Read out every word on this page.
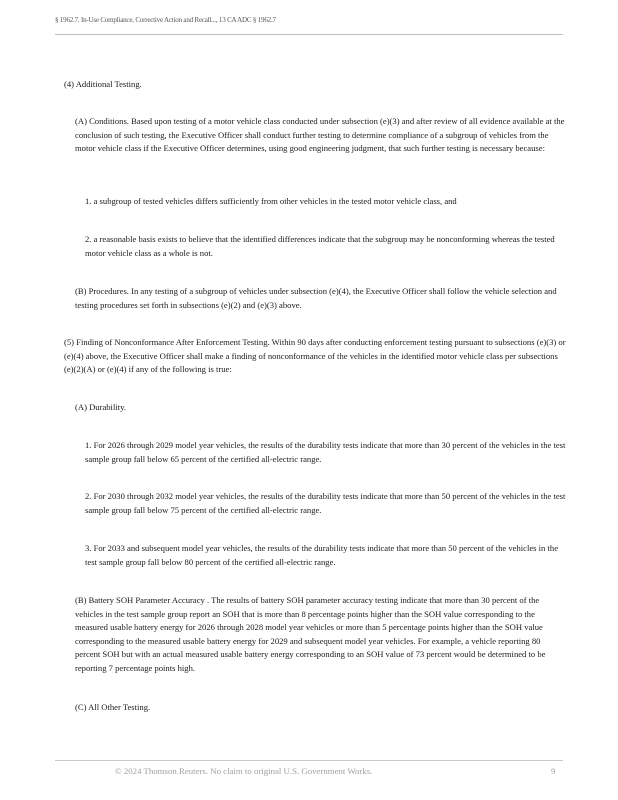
§ 1962.7. In-Use Compliance, Corrective Action and Recall..., 13 CA ADC § 1962.7

(4) Additional Testing.

(A) Conditions. Based upon testing of a motor vehicle class conducted under subsection (e)(3) and after review of all evidence available at the conclusion of such testing, the Executive Officer shall conduct further testing to determine compliance of a subgroup of vehicles from the motor vehicle class if the Executive Officer determines, using good engineering judgment, that such further testing is necessary because:

1. a subgroup of tested vehicles differs sufficiently from other vehicles in the tested motor vehicle class, and

2. a reasonable basis exists to believe that the identified differences indicate that the subgroup may be nonconforming whereas the tested motor vehicle class as a whole is not.

(B) Procedures. In any testing of a subgroup of vehicles under subsection (e)(4), the Executive Officer shall follow the vehicle selection and testing procedures set forth in subsections (e)(2) and (e)(3) above.

(5) Finding of Nonconformance After Enforcement Testing. Within 90 days after conducting enforcement testing pursuant to subsections (e)(3) or (e)(4) above, the Executive Officer shall make a finding of nonconformance of the vehicles in the identified motor vehicle class per subsections (e)(2)(A) or (e)(4) if any of the following is true:

(A) Durability.

1. For 2026 through 2029 model year vehicles, the results of the durability tests indicate that more than 30 percent of the vehicles in the test sample group fall below 65 percent of the certified all-electric range.

2. For 2030 through 2032 model year vehicles, the results of the durability tests indicate that more than 50 percent of the vehicles in the test sample group fall below 75 percent of the certified all-electric range.

3. For 2033 and subsequent model year vehicles, the results of the durability tests indicate that more than 50 percent of the vehicles in the test sample group fall below 80 percent of the certified all-electric range.

(B) Battery SOH Parameter Accuracy . The results of battery SOH parameter accuracy testing indicate that more than 30 percent of the vehicles in the test sample group report an SOH that is more than 8 percentage points higher than the SOH value corresponding to the measured usable battery energy for 2026 through 2028 model year vehicles or more than 5 percentage points higher than the SOH value corresponding to the measured usable battery energy for 2029 and subsequent model year vehicles. For example, a vehicle reporting 80 percent SOH but with an actual measured usable battery energy corresponding to an SOH value of 73 percent would be determined to be reporting 7 percentage points high.

(C) All Other Testing.

© 2024 Thomson Reuters. No claim to original U.S. Government Works.	9
